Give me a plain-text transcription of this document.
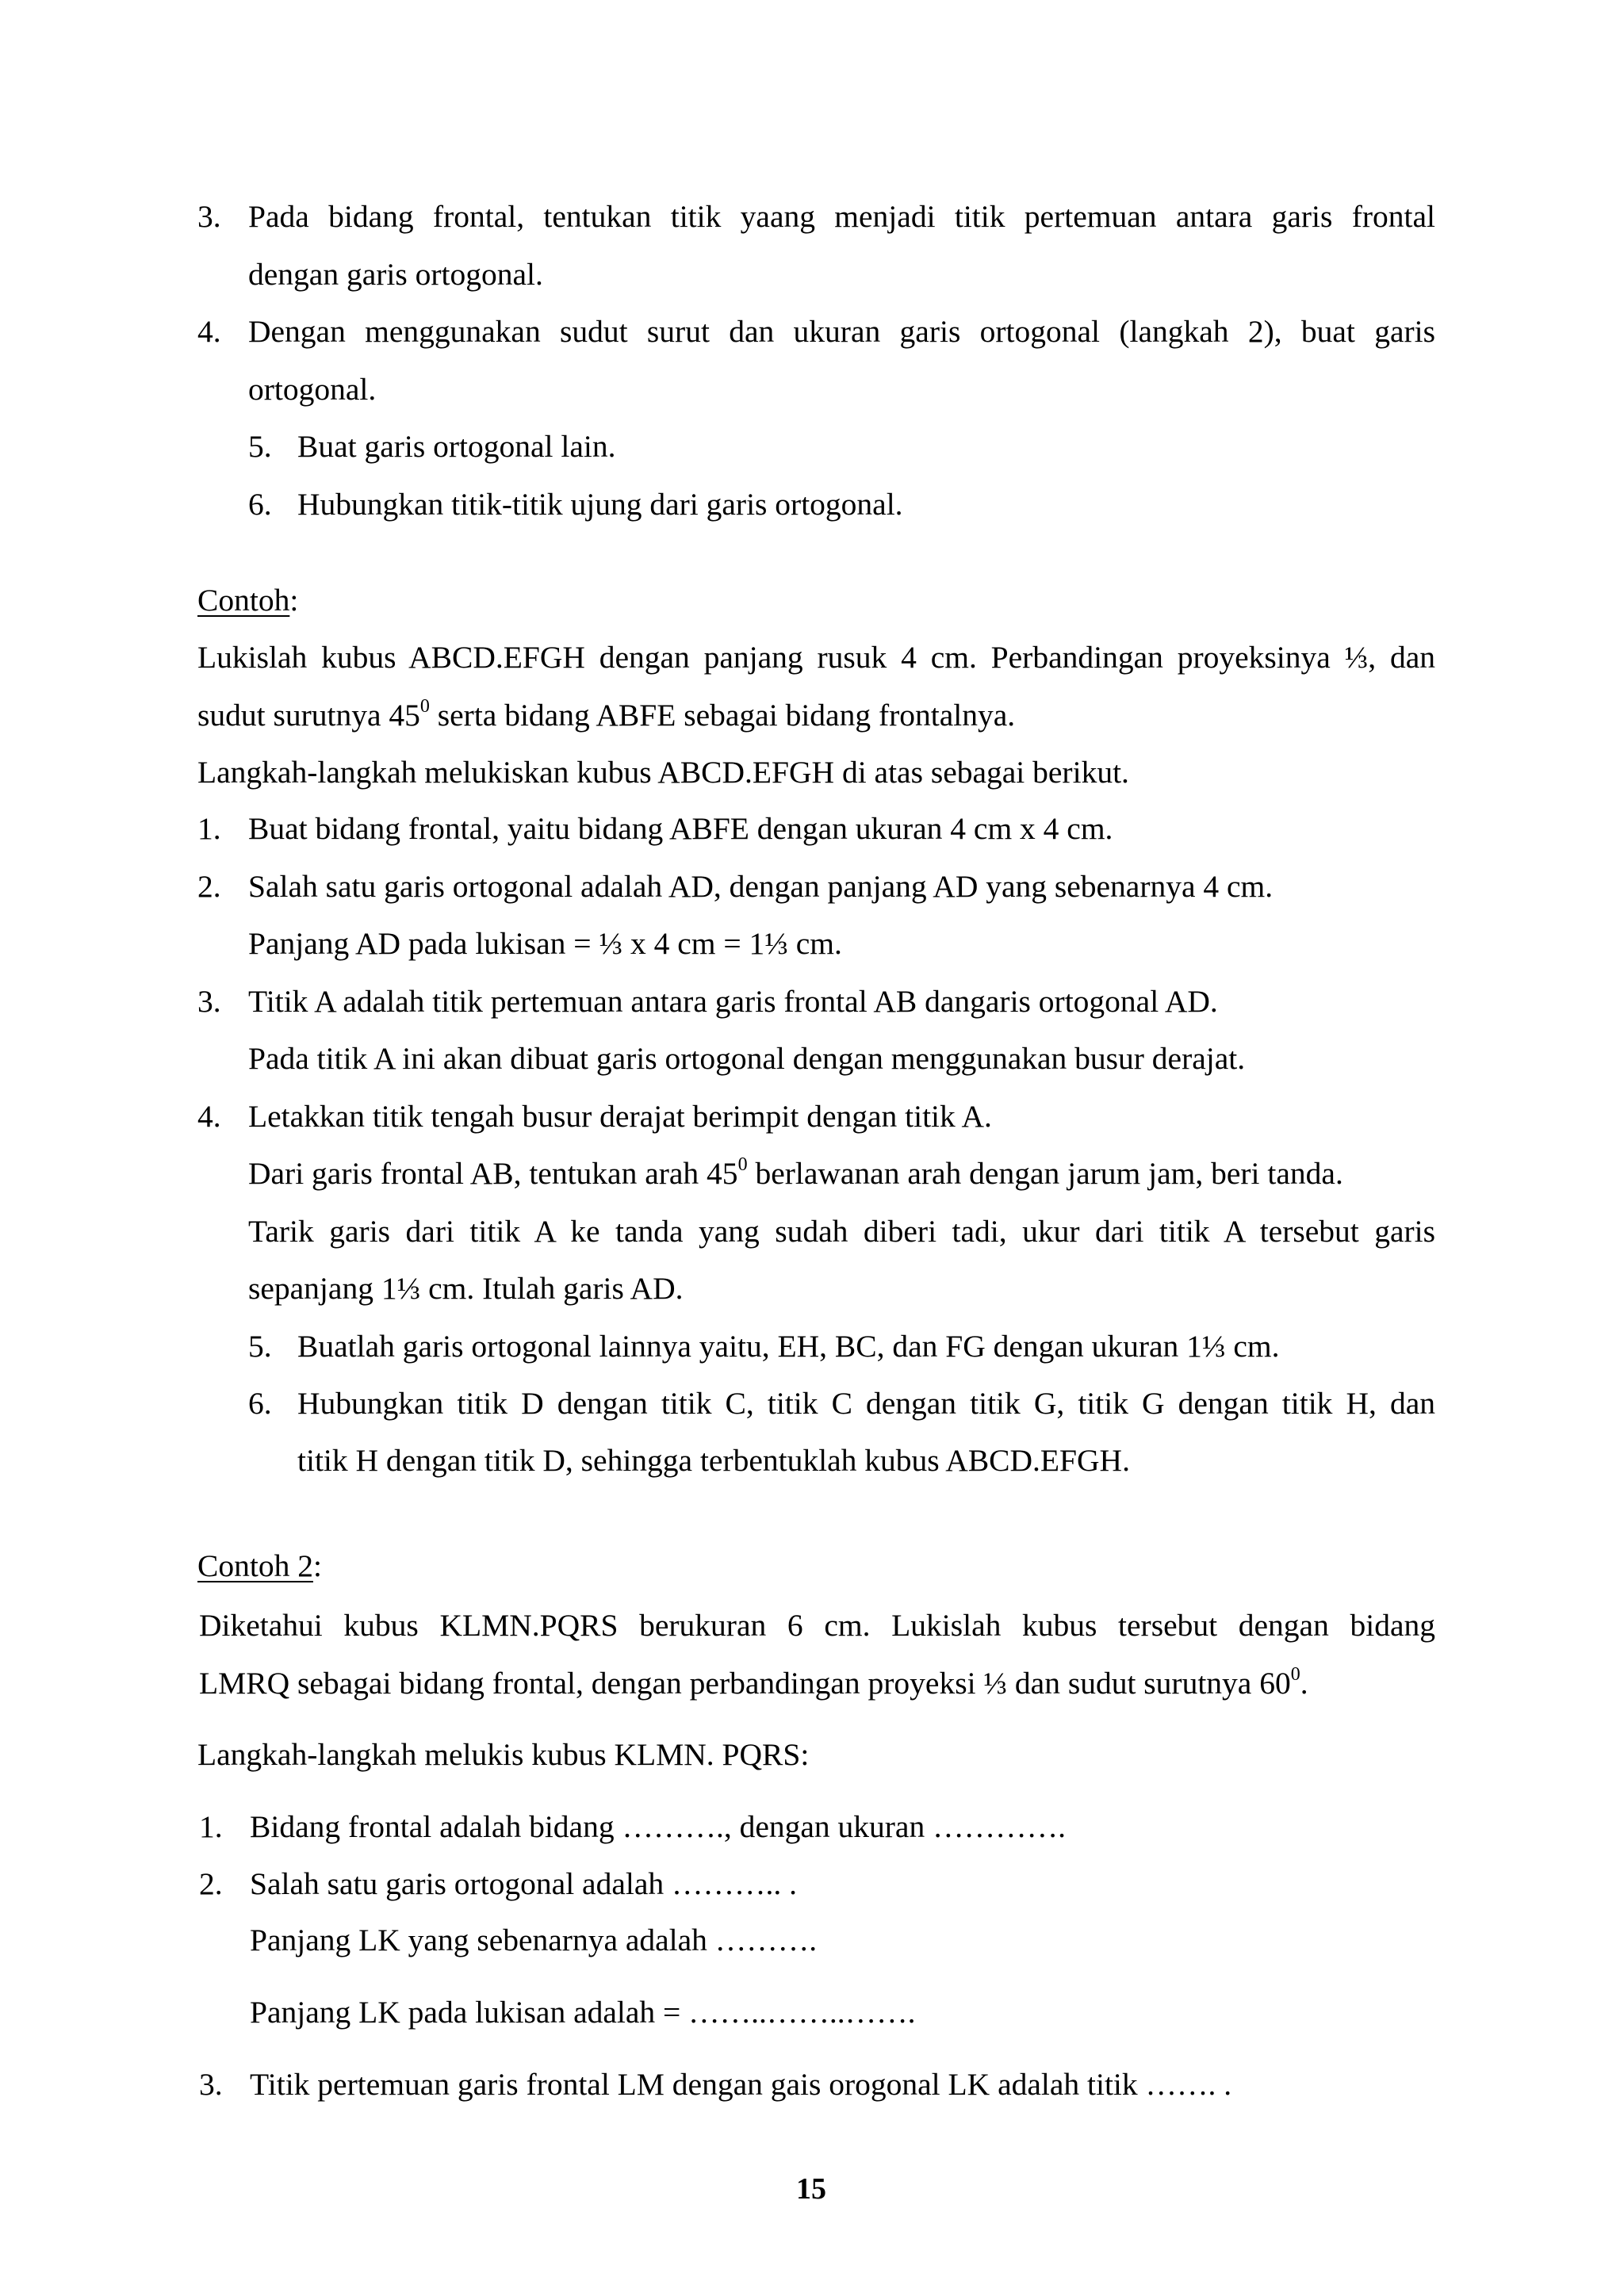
3. Pada bidang frontal, tentukan titik yaang menjadi titik pertemuan antara garis frontal
dengan garis ortogonal.
4. Dengan menggunakan sudut surut dan ukuran garis ortogonal (langkah 2), buat garis
ortogonal.
5. Buat garis ortogonal lain.
6. Hubungkan titik-titik ujung dari garis ortogonal.
Contoh:
Lukislah kubus ABCD.EFGH dengan panjang rusuk 4 cm. Perbandingan proyeksinya ⅓, dan
sudut surutnya $45^0$ serta bidang ABFE sebagai bidang frontalnya.
Langkah-langkah melukiskan kubus ABCD.EFGH di atas sebagai berikut.
1. Buat bidang frontal, yaitu bidang ABFE dengan ukuran 4 cm x 4 cm.
2. Salah satu garis ortogonal adalah AD, dengan panjang AD yang sebenarnya 4 cm.
Panjang AD pada lukisan = ⅓ x 4 cm = 1⅓ cm.
3. Titik A adalah titik pertemuan antara garis frontal AB dangaris ortogonal AD.
Pada titik A ini akan dibuat garis ortogonal dengan menggunakan busur derajat.
4. Letakkan titik tengah busur derajat berimpit dengan titik A.
Dari garis frontal AB, tentukan arah $45^0$ berlawanan arah dengan jarum jam, beri tanda.
Tarik garis dari titik A ke tanda yang sudah diberi tadi, ukur dari titik A tersebut garis
sepanjang 1⅓ cm. Itulah garis AD.
5. Buatlah garis ortogonal lainnya yaitu, EH, BC, dan FG dengan ukuran 1⅓ cm.
6. Hubungkan titik D dengan titik C, titik C dengan titik G, titik G dengan titik H, dan
titik H dengan titik D, sehingga terbentuklah kubus ABCD.EFGH.
Contoh 2:
Diketahui kubus KLMN.PQRS berukuran 6 cm. Lukislah kubus tersebut dengan bidang
LMRQ sebagai bidang frontal, dengan perbandingan proyeksi ⅓ dan sudut surutnya $60^0$.
Langkah-langkah melukis kubus KLMN. PQRS:
1. Bidang frontal adalah bidang ………., dengan ukuran ………….
2. Salah satu garis ortogonal adalah ……….. .
Panjang LK yang sebenarnya adalah ……….
Panjang LK pada lukisan adalah = ……..……..…….
3. Titik pertemuan garis frontal LM dengan gais orogonal LK adalah titik ……. .
15
